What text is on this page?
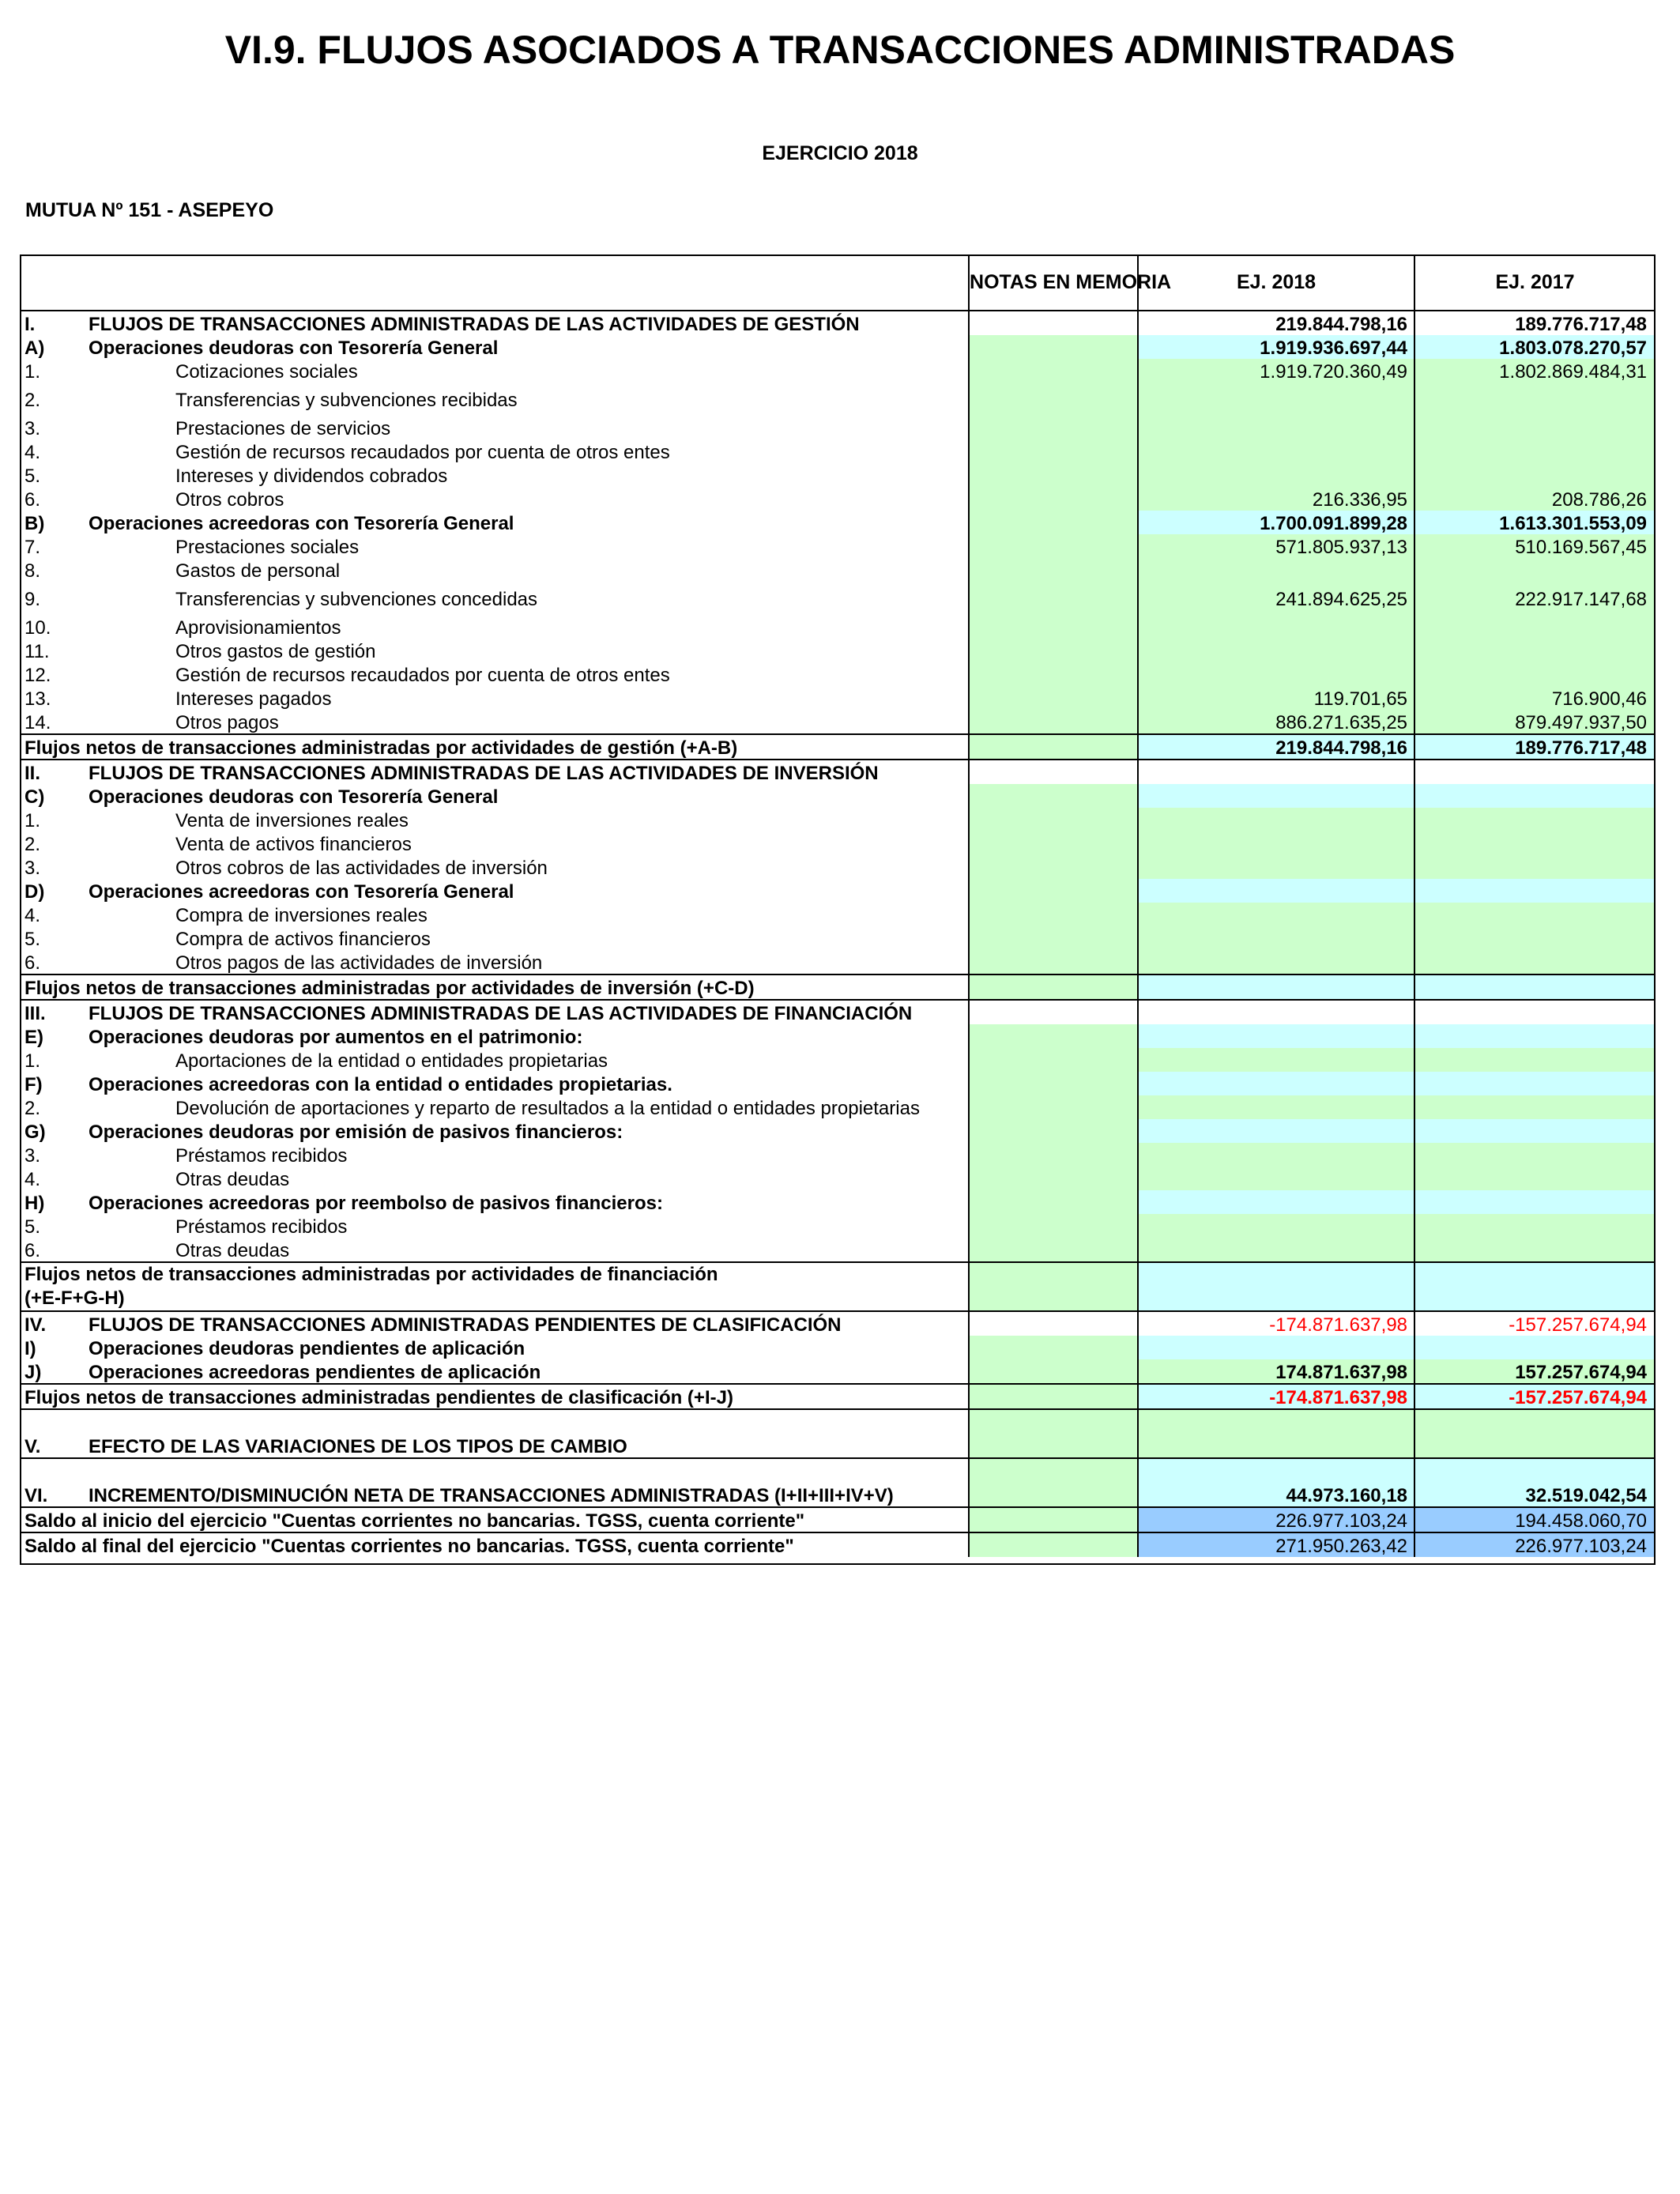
VI.9. FLUJOS ASOCIADOS A TRANSACCIONES ADMINISTRADAS
EJERCICIO 2018
MUTUA Nº 151 - ASEPEYO
		NOTAS EN MEMORIA	EJ. 2018	EJ. 2017
I.	FLUJOS DE TRANSACCIONES ADMINISTRADAS DE LAS ACTIVIDADES DE GESTIÓN		219.844.798,16	189.776.717,48
A)	Operaciones deudoras con Tesorería General		1.919.936.697,44	1.803.078.270,57
1.	Cotizaciones sociales		1.919.720.360,49	1.802.869.484,31
2.	Transferencias y subvenciones recibidas			
3.	Prestaciones de servicios			
4.	Gestión de recursos recaudados por cuenta de otros entes			
5.	Intereses y dividendos cobrados			
6.	Otros cobros		216.336,95	208.786,26
B)	Operaciones acreedoras con Tesorería General		1.700.091.899,28	1.613.301.553,09
7.	Prestaciones sociales		571.805.937,13	510.169.567,45
8.	Gastos de personal			
9.	Transferencias y subvenciones concedidas		241.894.625,25	222.917.147,68
10.	Aprovisionamientos			
11.	Otros gastos de gestión			
12.	Gestión de recursos recaudados por cuenta de otros entes			
13.	Intereses pagados		119.701,65	716.900,46
14.	Otros pagos		886.271.635,25	879.497.937,50
Flujos netos de transacciones administradas por actividades de gestión (+A-B)			219.844.798,16	189.776.717,48
II.	FLUJOS DE TRANSACCIONES ADMINISTRADAS DE LAS ACTIVIDADES DE INVERSIÓN			
C)	Operaciones deudoras con Tesorería General			
1.	Venta de inversiones reales			
2.	Venta de activos financieros			
3.	Otros cobros de las actividades de inversión			
D)	Operaciones acreedoras con Tesorería General			
4.	Compra de inversiones reales			
5.	Compra de activos financieros			
6.	Otros pagos de las actividades de inversión			
Flujos netos de transacciones administradas por actividades de inversión (+C-D)				
III.	FLUJOS DE TRANSACCIONES ADMINISTRADAS DE LAS ACTIVIDADES DE FINANCIACIÓN			
E)	Operaciones deudoras por aumentos en el patrimonio:			
1.	Aportaciones de la entidad o entidades propietarias			
F)	Operaciones acreedoras con la entidad o entidades propietarias.			
2.	Devolución de aportaciones y reparto de resultados a la entidad o entidades propietarias			
G)	Operaciones deudoras por emisión de pasivos financieros:			
3.	Préstamos recibidos			
4.	Otras deudas			
H)	Operaciones acreedoras por reembolso de pasivos financieros:			
5.	Préstamos recibidos			
6.	Otras deudas			
Flujos netos de transacciones administradas por actividades de financiación
(+E-F+G-H)				
IV.	FLUJOS DE TRANSACCIONES ADMINISTRADAS PENDIENTES DE CLASIFICACIÓN		-174.871.637,98	-157.257.674,94
I)	Operaciones deudoras pendientes de aplicación			
J)	Operaciones acreedoras pendientes de aplicación		174.871.637,98	157.257.674,94
Flujos netos de transacciones administradas pendientes de clasificación (+I-J)			-174.871.637,98	-157.257.674,94
V.	EFECTO DE LAS VARIACIONES DE LOS TIPOS DE CAMBIO			
VI.	INCREMENTO/DISMINUCIÓN NETA DE TRANSACCIONES ADMINISTRADAS (I+II+III+IV+V)		44.973.160,18	32.519.042,54
Saldo al inicio del ejercicio "Cuentas corrientes no bancarias. TGSS, cuenta corriente"			226.977.103,24	194.458.060,70
Saldo al final del ejercicio "Cuentas corrientes no bancarias. TGSS, cuenta corriente"			271.950.263,42	226.977.103,24
